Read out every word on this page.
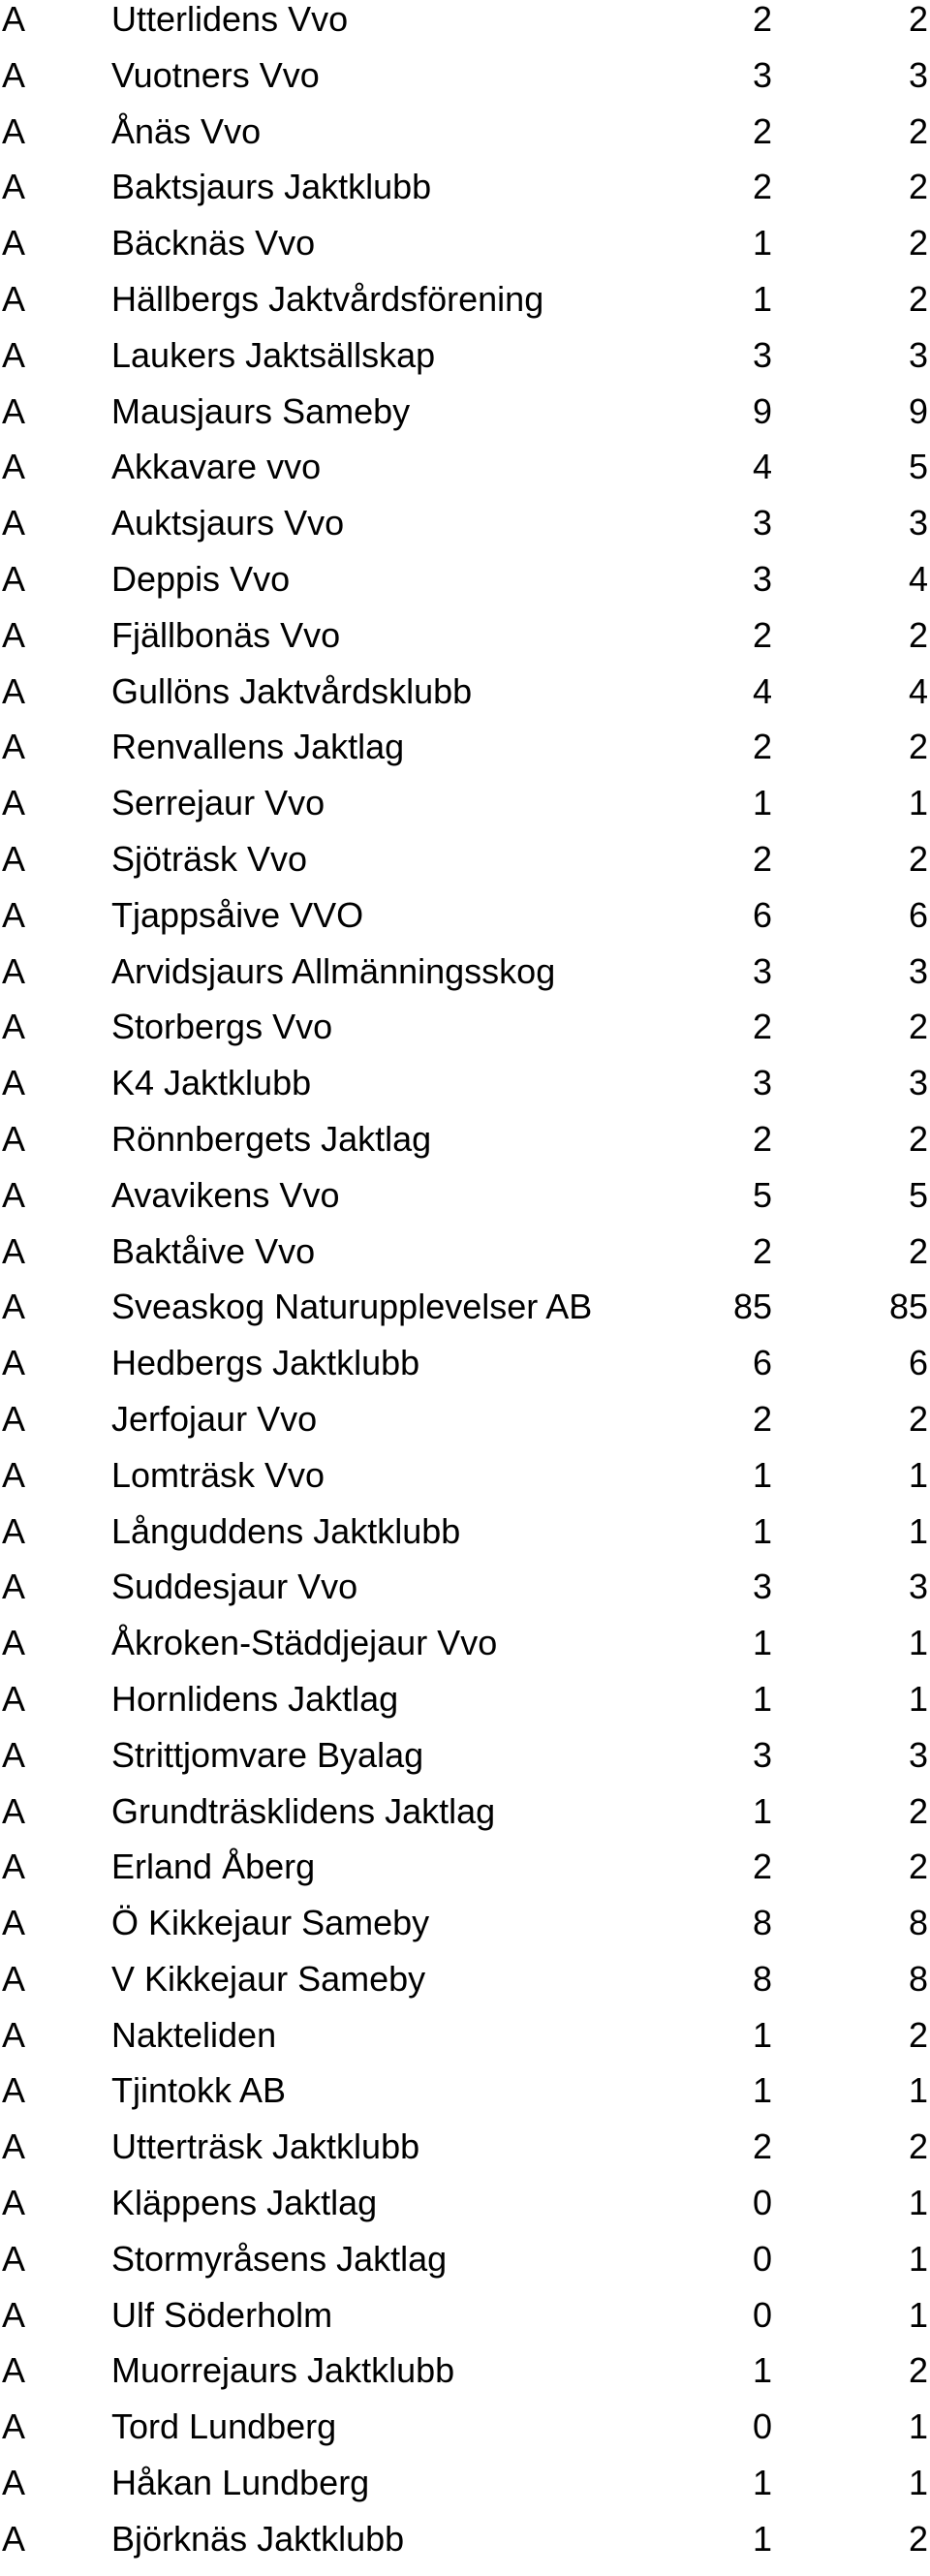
A Utterlidens Vvo	2	2
A Vuotners Vvo	3	3
A Ånäs Vvo	2	2
A Baktsjaurs Jaktklubb	2	2
A Bäcknäs Vvo	1	2
A Hällbergs Jaktvårdsförening	1	2
A Laukers Jaktsällskap	3	3
A Mausjaurs Sameby	9	9
A Akkavare vvo	4	5
A Auktsjaurs Vvo	3	3
A Deppis Vvo	3	4
A Fjällbonäs Vvo	2	2
A Gullöns Jaktvårdsklubb	4	4
A Renvallens Jaktlag	2	2
A Serrejaur Vvo	1	1
A Sjöträsk Vvo	2	2
A Tjappsåive VVO	6	6
A Arvidsjaurs Allmänningsskog	3	3
A Storbergs Vvo	2	2
A K4 Jaktklubb	3	3
A Rönnbergets Jaktlag	2	2
A Avavikens Vvo	5	5
A Baktåive Vvo	2	2
A Sveaskog Naturupplevelser AB	85	85
A Hedbergs Jaktklubb	6	6
A Jerfojaur Vvo	2	2
A Lomträsk Vvo	1	1
A Långuddens Jaktklubb	1	1
A Suddesjaur Vvo	3	3
A Åkroken-Städdjejaur Vvo	1	1
A Hornlidens Jaktlag	1	1
A Strittjomvare Byalag	3	3
A Grundträsklidens Jaktlag	1	2
A Erland Åberg	2	2
A Ö Kikkejaur Sameby	8	8
A V Kikkejaur Sameby	8	8
A Nakteliden	1	2
A Tjintokk AB	1	1
A Utterträsk Jaktklubb	2	2
A Kläppens Jaktlag	0	1
A Stormyråsens Jaktlag	0	1
A Ulf Söderholm	0	1
A Muorrejaurs Jaktklubb	1	2
A Tord Lundberg	0	1
A Håkan Lundberg	1	1
A Björknäs Jaktklubb	1	2
